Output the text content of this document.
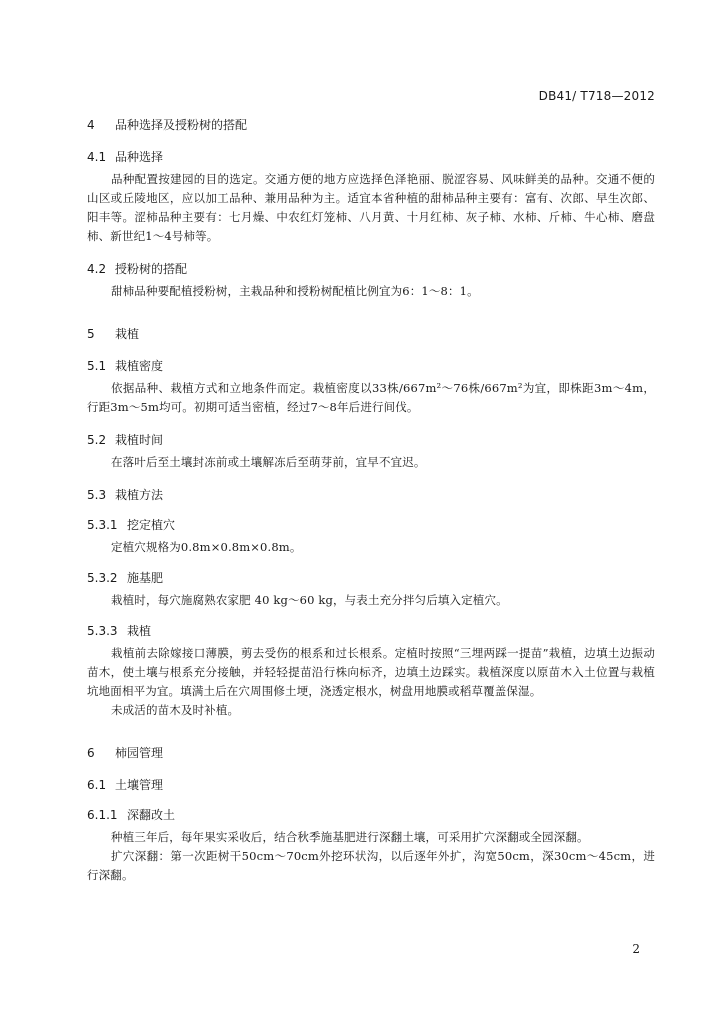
DB41/ T718—2012
4 品种选择及授粉树的搭配
4.1 品种选择

品种配置按建园的目的选定。交通方便的地方应选择色泽艳丽、脱涩容易、风味鲜美的品种。交通不便的山区或丘陵地区，应以加工品种、兼用品种为主。适宜本省种植的甜柿品种主要有：富有、次郎、早生次郎、阳丰等。涩柿品种主要有：七月燥、中农红灯笼柿、八月黄、十月红柿、灰子柿、水柿、斤柿、牛心柿、磨盘柿、新世纪1～4号柿等。

4.2 授粉树的搭配

甜柿品种要配植授粉树，主栽品种和授粉树配植比例宜为6：1～8：1。

5 栽植
5.1 栽植密度

依据品种、栽植方式和立地条件而定。栽植密度以33株/667m²～76株/667m²为宜，即株距3m～4m，行距3m～5m均可。初期可适当密植，经过7～8年后进行间伐。

5.2 栽植时间

在落叶后至土壤封冻前或土壤解冻后至萌芽前，宜早不宜迟。

5.3 栽植方法
5.3.1 挖定植穴

定植穴规格为0.8m×0.8m×0.8m。

5.3.2 施基肥

栽植时，每穴施腐熟农家肥 40 kg～60 kg，与表土充分拌匀后填入定植穴。

5.3.3 栽植

栽植前去除嫁接口薄膜，剪去受伤的根系和过长根系。定植时按照“三埋两踩一提苗”栽植，边填土边振动苗木，使土壤与根系充分接触，并轻轻提苗沿行株向标齐，边填土边踩实。栽植深度以原苗木入土位置与栽植坑地面相平为宜。填满土后在穴周围修土埂，浇透定根水，树盘用地膜或稻草覆盖保湿。

未成活的苗木及时补植。

6 柿园管理
6.1 土壤管理
6.1.1 深翻改土

种植三年后，每年果实采收后，结合秋季施基肥进行深翻土壤，可采用扩穴深翻或全园深翻。

扩穴深翻：第一次距树干50cm～70cm外挖环状沟，以后逐年外扩，沟宽50cm，深30cm～45cm，进行深翻。

2
